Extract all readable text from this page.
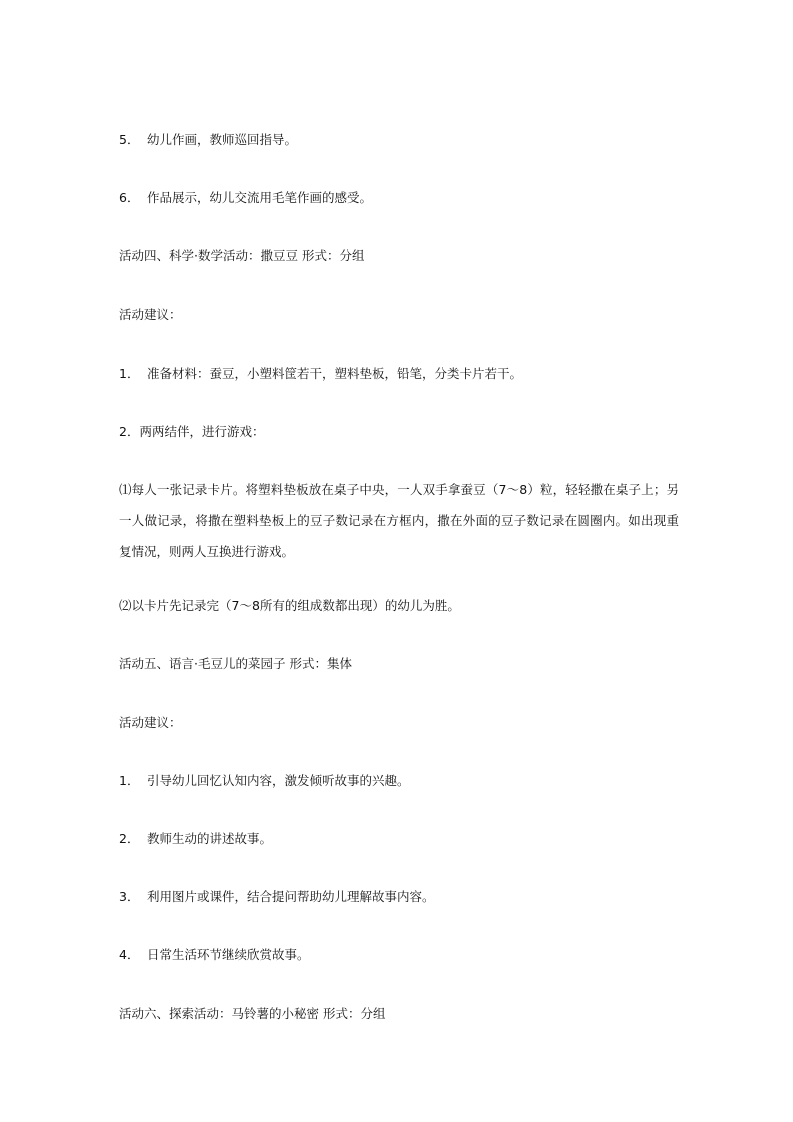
5． 幼儿作画，教师巡回指导。
6． 作品展示，幼儿交流用毛笔作画的感受。
活动四、科学·数学活动：撒豆豆 形式：分组
活动建议：
1． 准备材料：蚕豆，小塑料筐若干，塑料垫板，铅笔，分类卡片若干。
2．两两结伴，进行游戏：
⑴每人一张记录卡片。将塑料垫板放在桌子中央，一人双手拿蚕豆（7～8）粒，轻轻撒在桌子上；另一人做记录，将撒在塑料垫板上的豆子数记录在方框内，撒在外面的豆子数记录在圆圈内。如出现重复情况，则两人互换进行游戏。
⑵以卡片先记录完（7～8所有的组成数都出现）的幼儿为胜。
活动五、语言·毛豆儿的菜园子 形式：集体
活动建议：
1． 引导幼儿回忆认知内容，激发倾听故事的兴趣。
2． 教师生动的讲述故事。
3． 利用图片或课件，结合提问帮助幼儿理解故事内容。
4． 日常生活环节继续欣赏故事。
活动六、探索活动：马铃薯的小秘密 形式：分组
